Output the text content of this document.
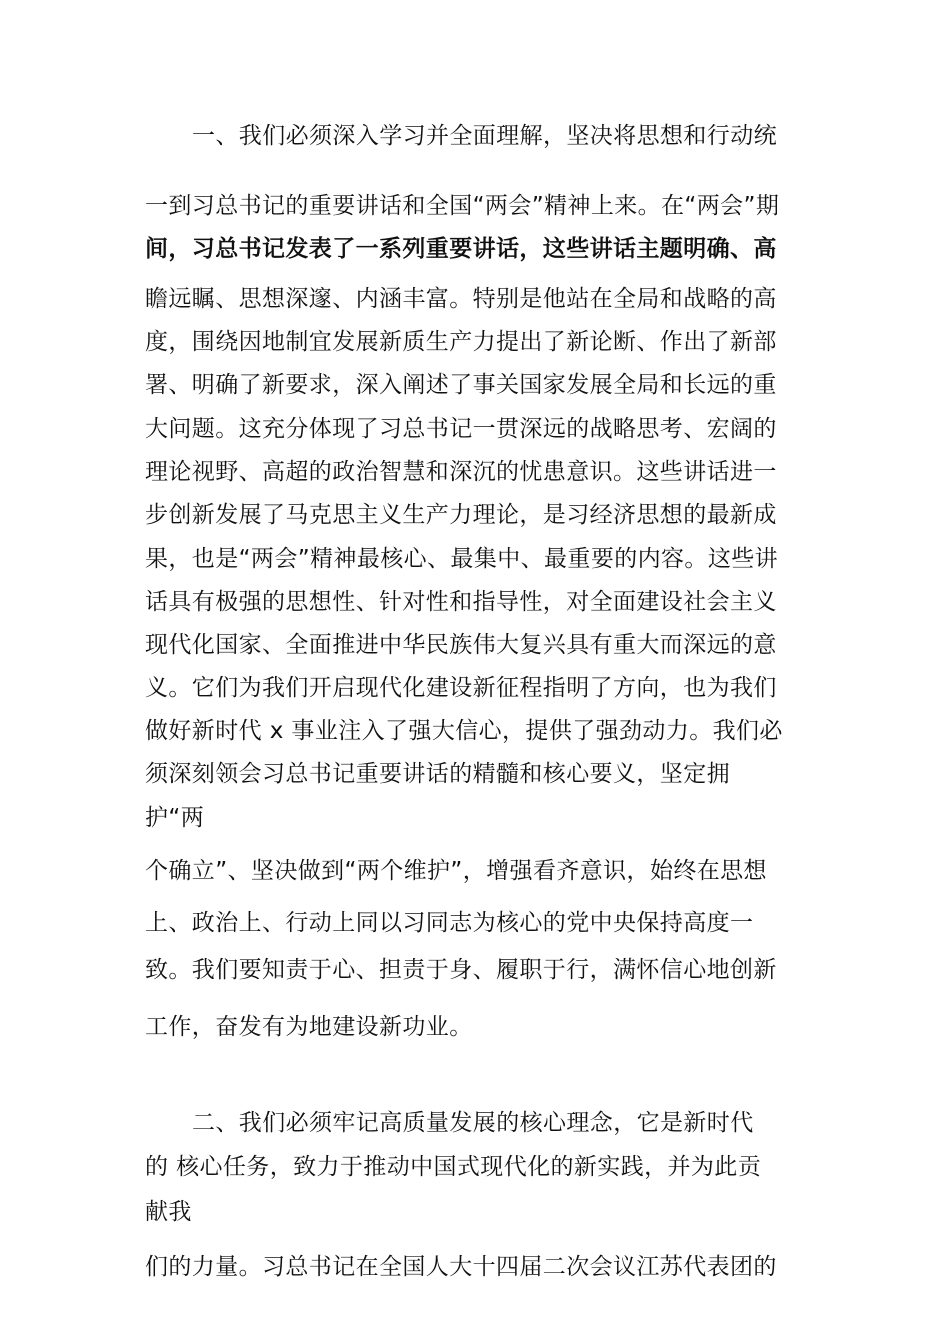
一、我们必须深入学习并全面理解，坚决将思想和行动统
一到习总书记的重要讲话和全国“两会”精神上来。在“两会”期
间，习总书记发表了一系列重要讲话，这些讲话主题明确、高
瞻远瞩、思想深邃、内涵丰富。特别是他站在全局和战略的高
度，围绕因地制宜发展新质生产力提出了新论断、作出了新部
署、明确了新要求，深入阐述了事关国家发展全局和长远的重
大问题。这充分体现了习总书记一贯深远的战略思考、宏阔的
理论视野、高超的政治智慧和深沉的忧患意识。这些讲话进一
步创新发展了马克思主义生产力理论，是习经济思想的最新成
果，也是“两会”精神最核心、最集中、最重要的内容。这些讲
话具有极强的思想性、针对性和指导性，对全面建设社会主义
现代化国家、全面推进中华民族伟大复兴具有重大而深远的意
义。它们为我们开启现代化建设新征程指明了方向，也为我们
做好新时代 x 事业注入了强大信心，提供了强劲动力。我们必
须深刻领会习总书记重要讲话的精髓和核心要义，坚定拥
护“两
个确立”、坚决做到“两个维护”，增强看齐意识，始终在思想
上、政治上、行动上同以习同志为核心的党中央保持高度一
致。我们要知责于心、担责于身、履职于行，满怀信心地创新
工作，奋发有为地建设新功业。
二、我们必须牢记高质量发展的核心理念，它是新时代
的 核心任务，致力于推动中国式现代化的新实践，并为此贡
献我
们的力量。习总书记在全国人大十四届二次会议江苏代表团的
